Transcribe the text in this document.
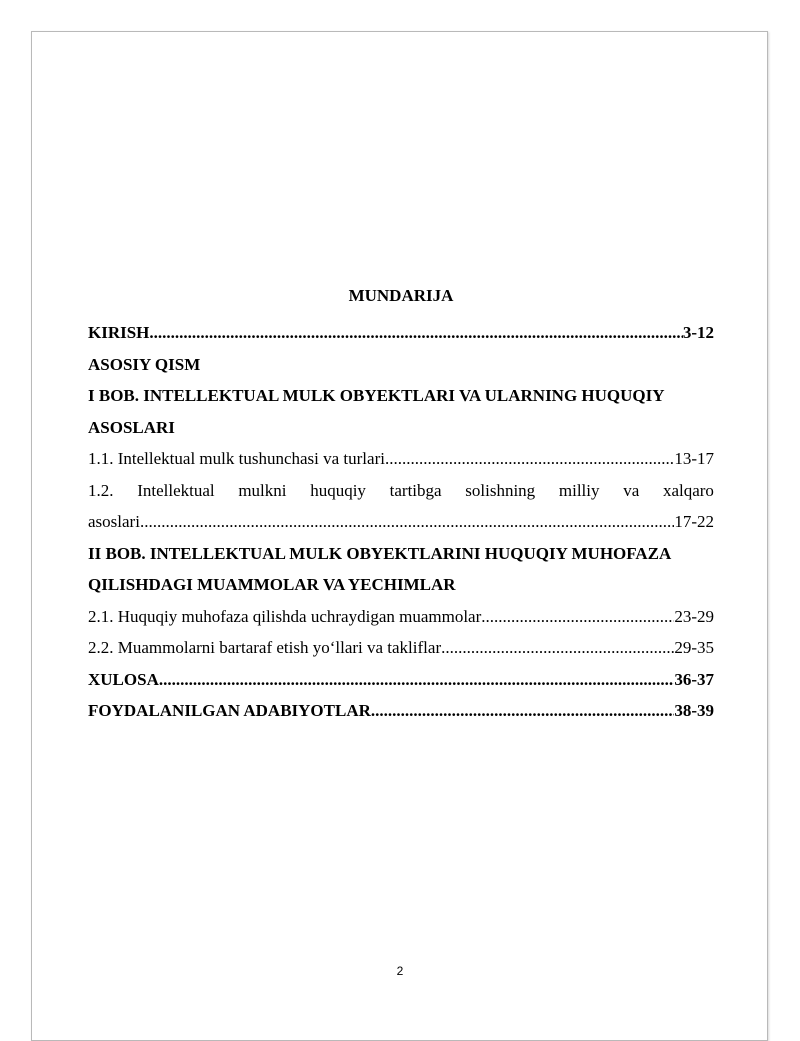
MUNDARIJA
KIRISH .....	3-12
ASOSIY QISM
I BOB. INTELLEKTUAL MULK OBYEKTLARI VA ULARNING HUQUQIY
ASOSLARI
1.1. Intellektual mulk tushunchasi va turlari .....	13-17
1.2. Intellektual mulkni huquqiy tartibga solishning milliy va xalqaro
asoslari .....	17-22
II BOB. INTELLEKTUAL MULK OBYEKTLARINI HUQUQIY MUHOFAZA
QILISHDAGI MUAMMOLAR VA YECHIMLAR
2.1. Huquqiy muhofaza qilishda uchraydigan muammolar .....	23-29
2.2. Muammolarni bartaraf etish yo‘llari va takliflar .....	29-35
XULOSA .....	36-37
FOYDALANILGAN ADABIYOTLAR .....	38-39
2
